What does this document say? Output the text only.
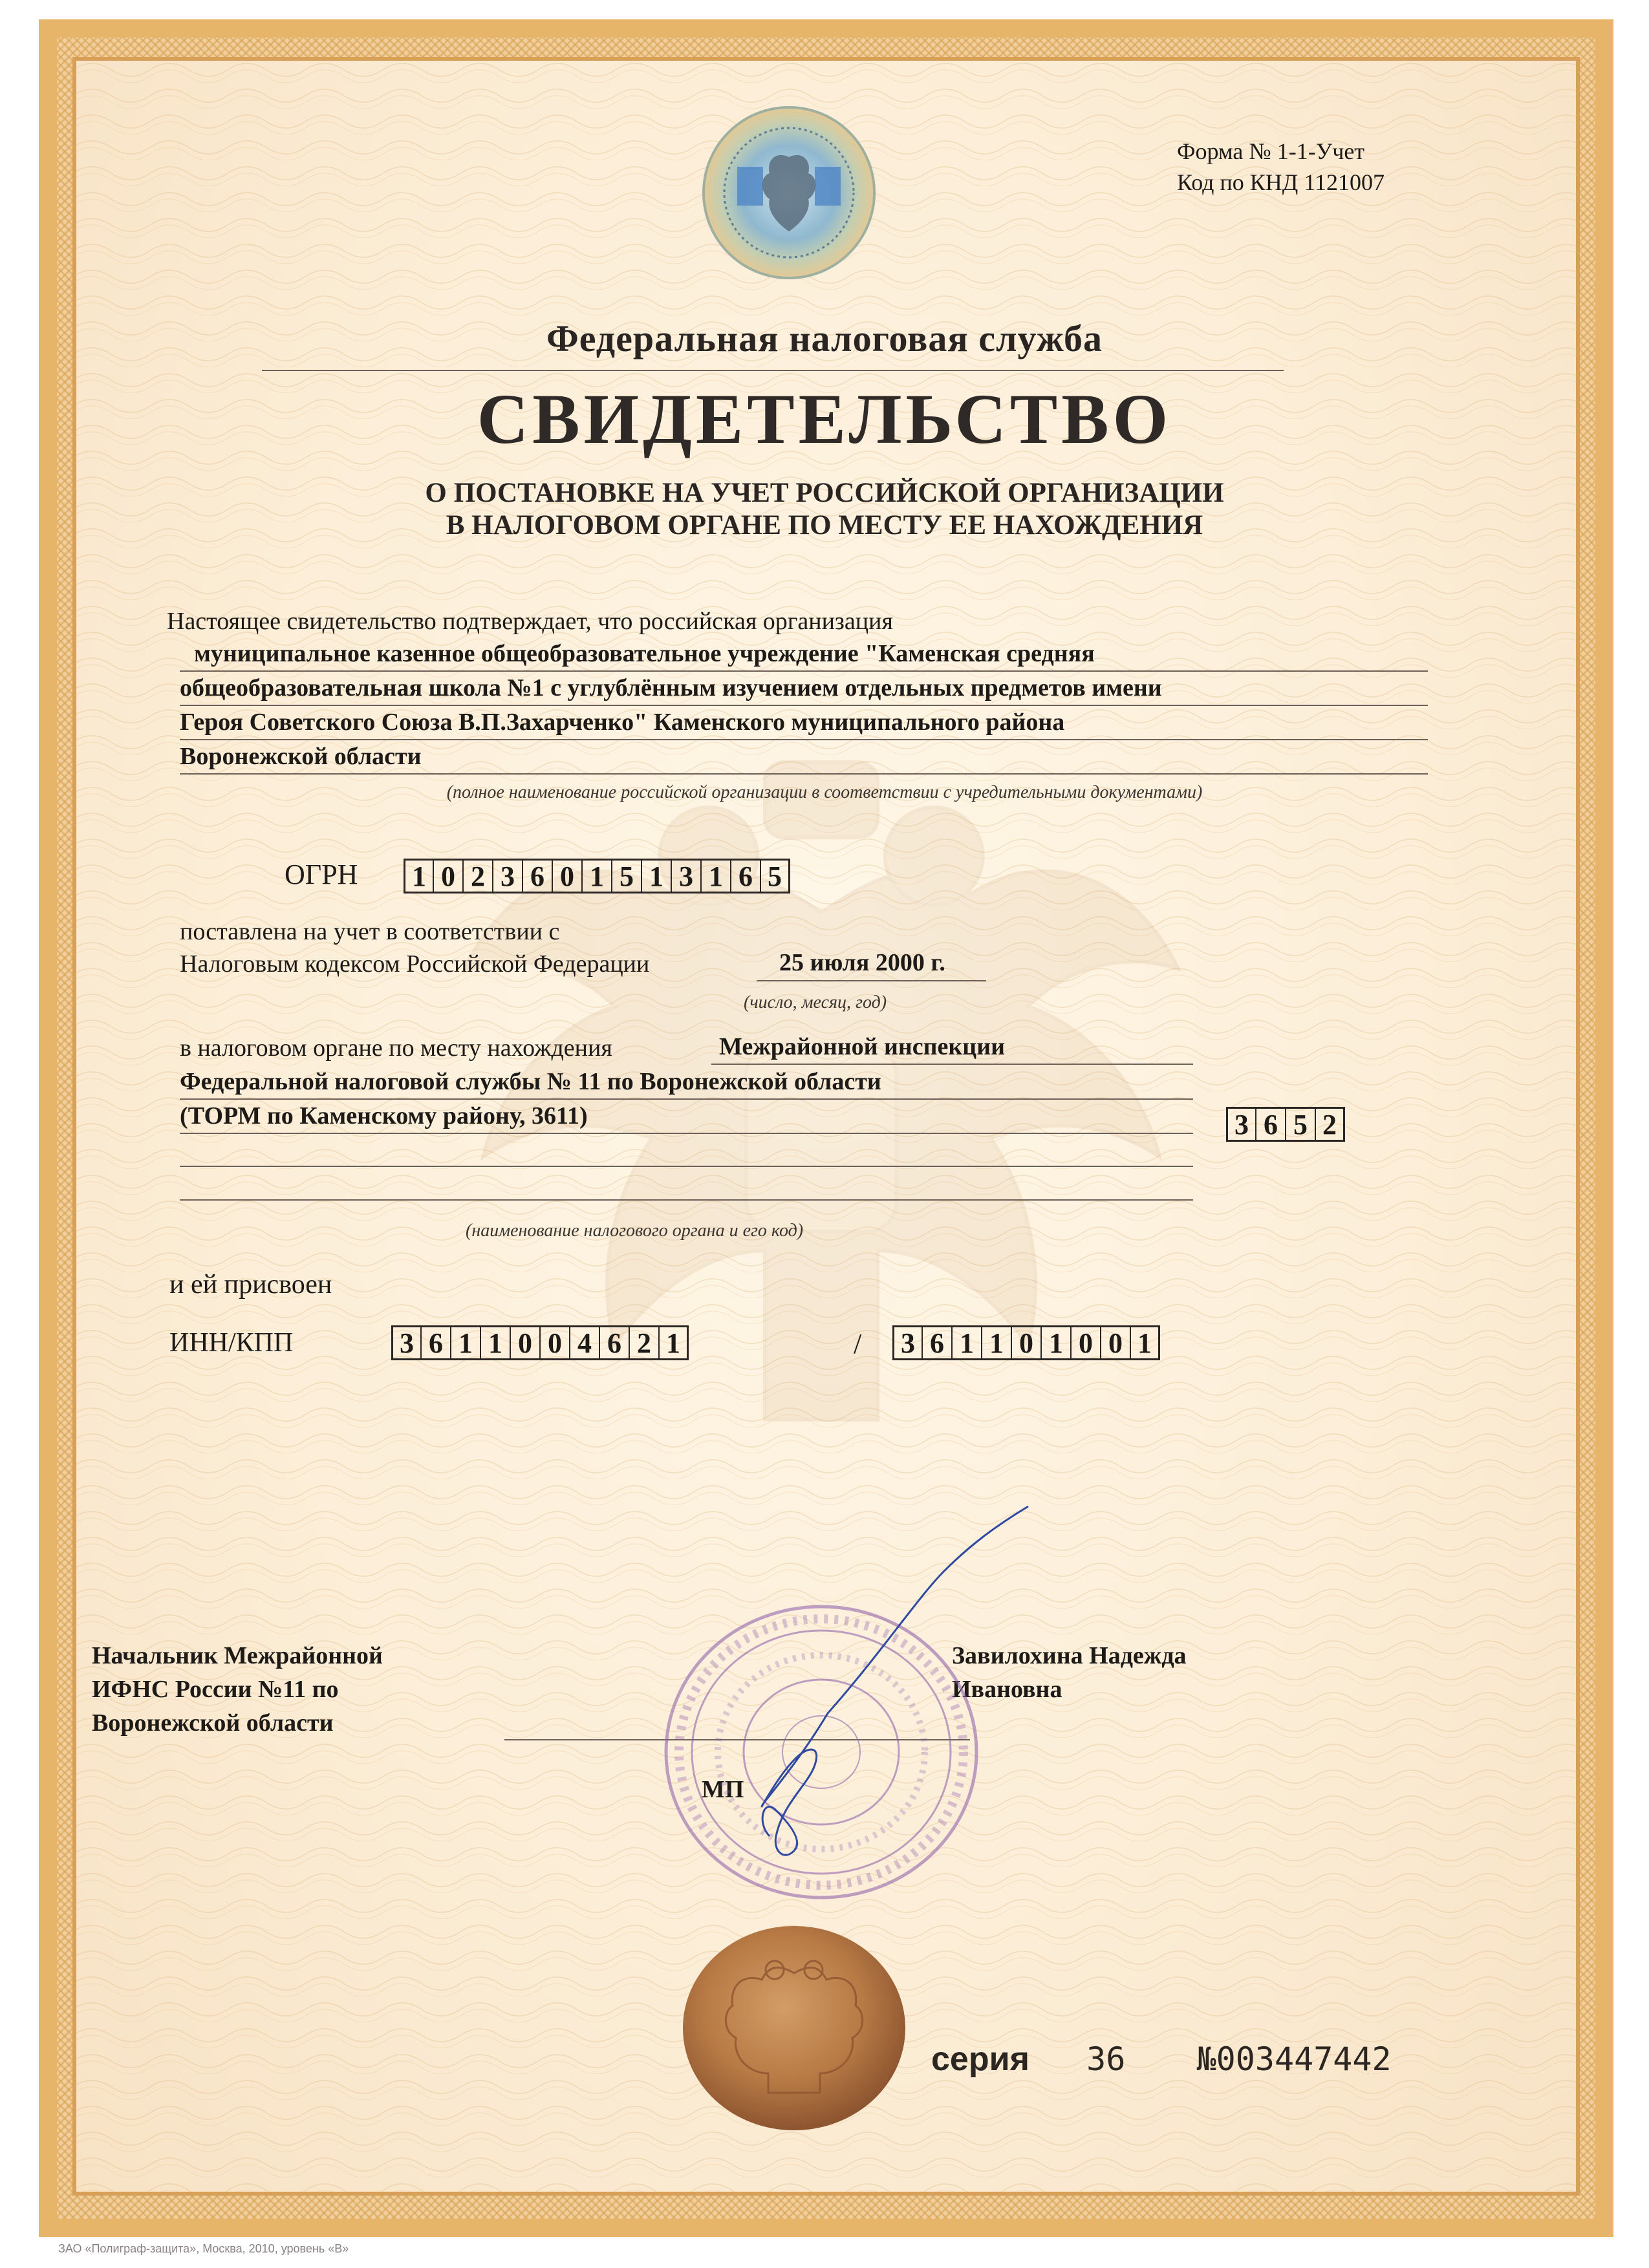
Форма № 1-1-Учет
Код по КНД 1121007
Федеральная налоговая служба
СВИДЕТЕЛЬСТВО
О ПОСТАНОВКЕ НА УЧЕТ РОССИЙСКОЙ ОРГАНИЗАЦИИ
В НАЛОГОВОМ ОРГАНЕ ПО МЕСТУ ЕЕ НАХОЖДЕНИЯ
Настоящее свидетельство подтверждает, что российская организация
муниципальное казенное общеобразовательное учреждение "Каменская средняя
общеобразовательная школа №1 с углублённым изучением отдельных предметов имени
Героя Советского Союза В.П.Захарченко" Каменского муниципального района
Воронежской области
(полное наименование российской организации в соответствии с учредительными документами)
ОГРН 1 0 2 3 6 0 1 5 1 3 1 6 5
поставлена на учет в соответствии с
Налоговым кодексом Российской Федерации	25 июля 2000 г.
(число, месяц, год)
в налоговом органе по месту нахождения	Межрайонной инспекции
Федеральной налоговой службы № 11 по Воронежской области
(ТОРМ по Каменскому району, 3611)	3 6 5 2
(наименование налогового органа и его код)
и ей присвоен
ИНН/КПП	3 6 1 1 0 0 4 6 2 1	/ 3 6 1 1 0 1 0 0 1
Начальник Межрайонной
ИФНС России №11 по
Воронежской области
Завилохина Надежда
Ивановна
МП
серия 36 №003447442
ЗАО «Полиграф-защита», Москва, 2010, уровень «В»
